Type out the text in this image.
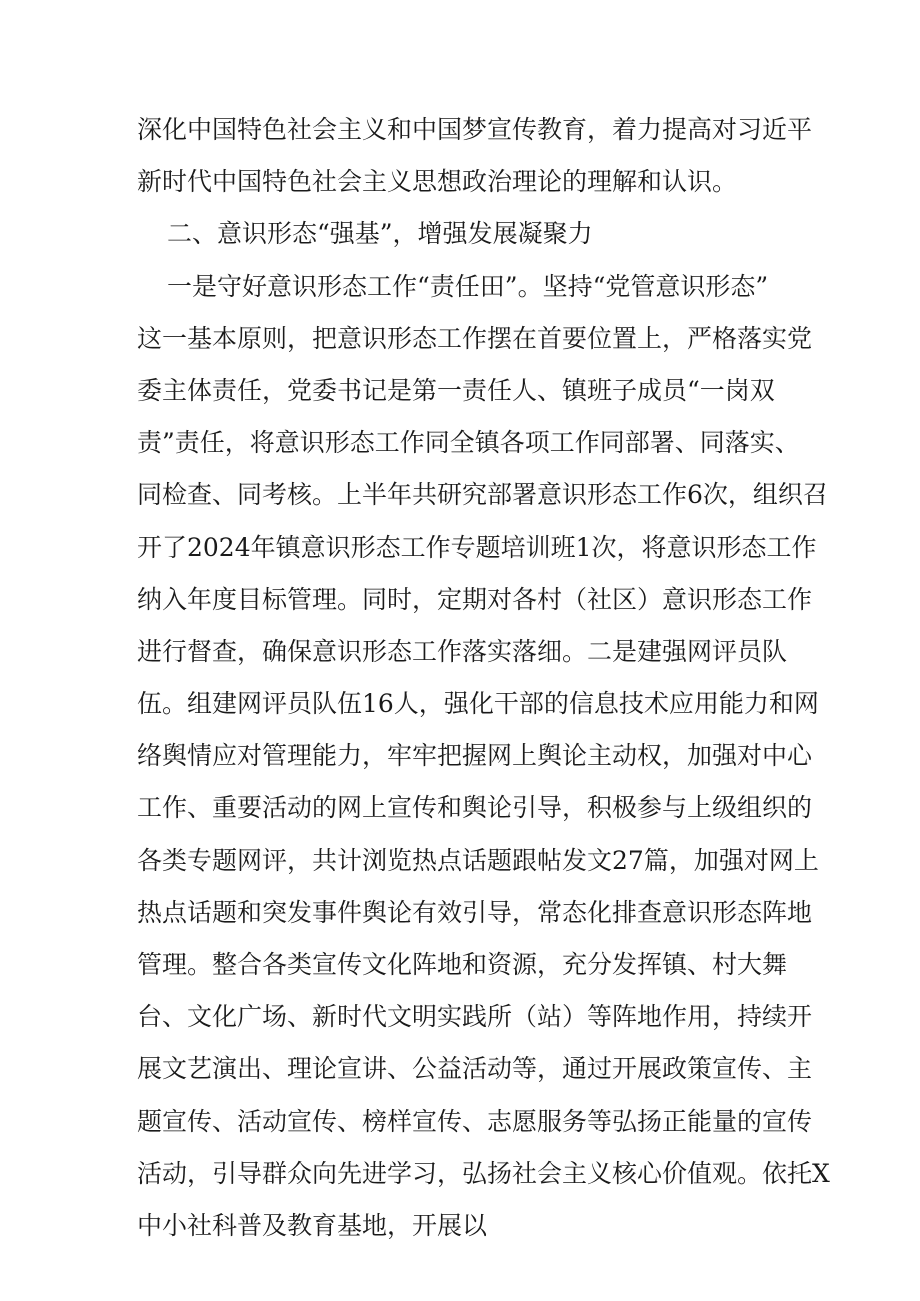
深化中国特色社会主义和中国梦宣传教育，着力提高对习近平
新时代中国特色社会主义思想政治理论的理解和认识。
二、意识形态“强基”，增强发展凝聚力
一是守好意识形态工作“责任田”。坚持“党管意识形态”
这一基本原则，把意识形态工作摆在首要位置上，严格落实党
委主体责任，党委书记是第一责任人、镇班子成员“一岗双
责”责任，将意识形态工作同全镇各项工作同部署、同落实、
同检查、同考核。上半年共研究部署意识形态工作6次，组织召
开了2024年镇意识形态工作专题培训班1次，将意识形态工作
纳入年度目标管理。同时，定期对各村（社区）意识形态工作
进行督查，确保意识形态工作落实落细。二是建强网评员队
伍。组建网评员队伍16人，强化干部的信息技术应用能力和网
络舆情应对管理能力，牢牢把握网上舆论主动权，加强对中心
工作、重要活动的网上宣传和舆论引导，积极参与上级组织的
各类专题网评，共计浏览热点话题跟帖发文27篇，加强对网上
热点话题和突发事件舆论有效引导，常态化排查意识形态阵地
管理。整合各类宣传文化阵地和资源，充分发挥镇、村大舞
台、文化广场、新时代文明实践所（站）等阵地作用，持续开
展文艺演出、理论宣讲、公益活动等，通过开展政策宣传、主
题宣传、活动宣传、榜样宣传、志愿服务等弘扬正能量的宣传
活动，引导群众向先进学习，弘扬社会主义核心价值观。依托X
中小社科普及教育基地，开展以
